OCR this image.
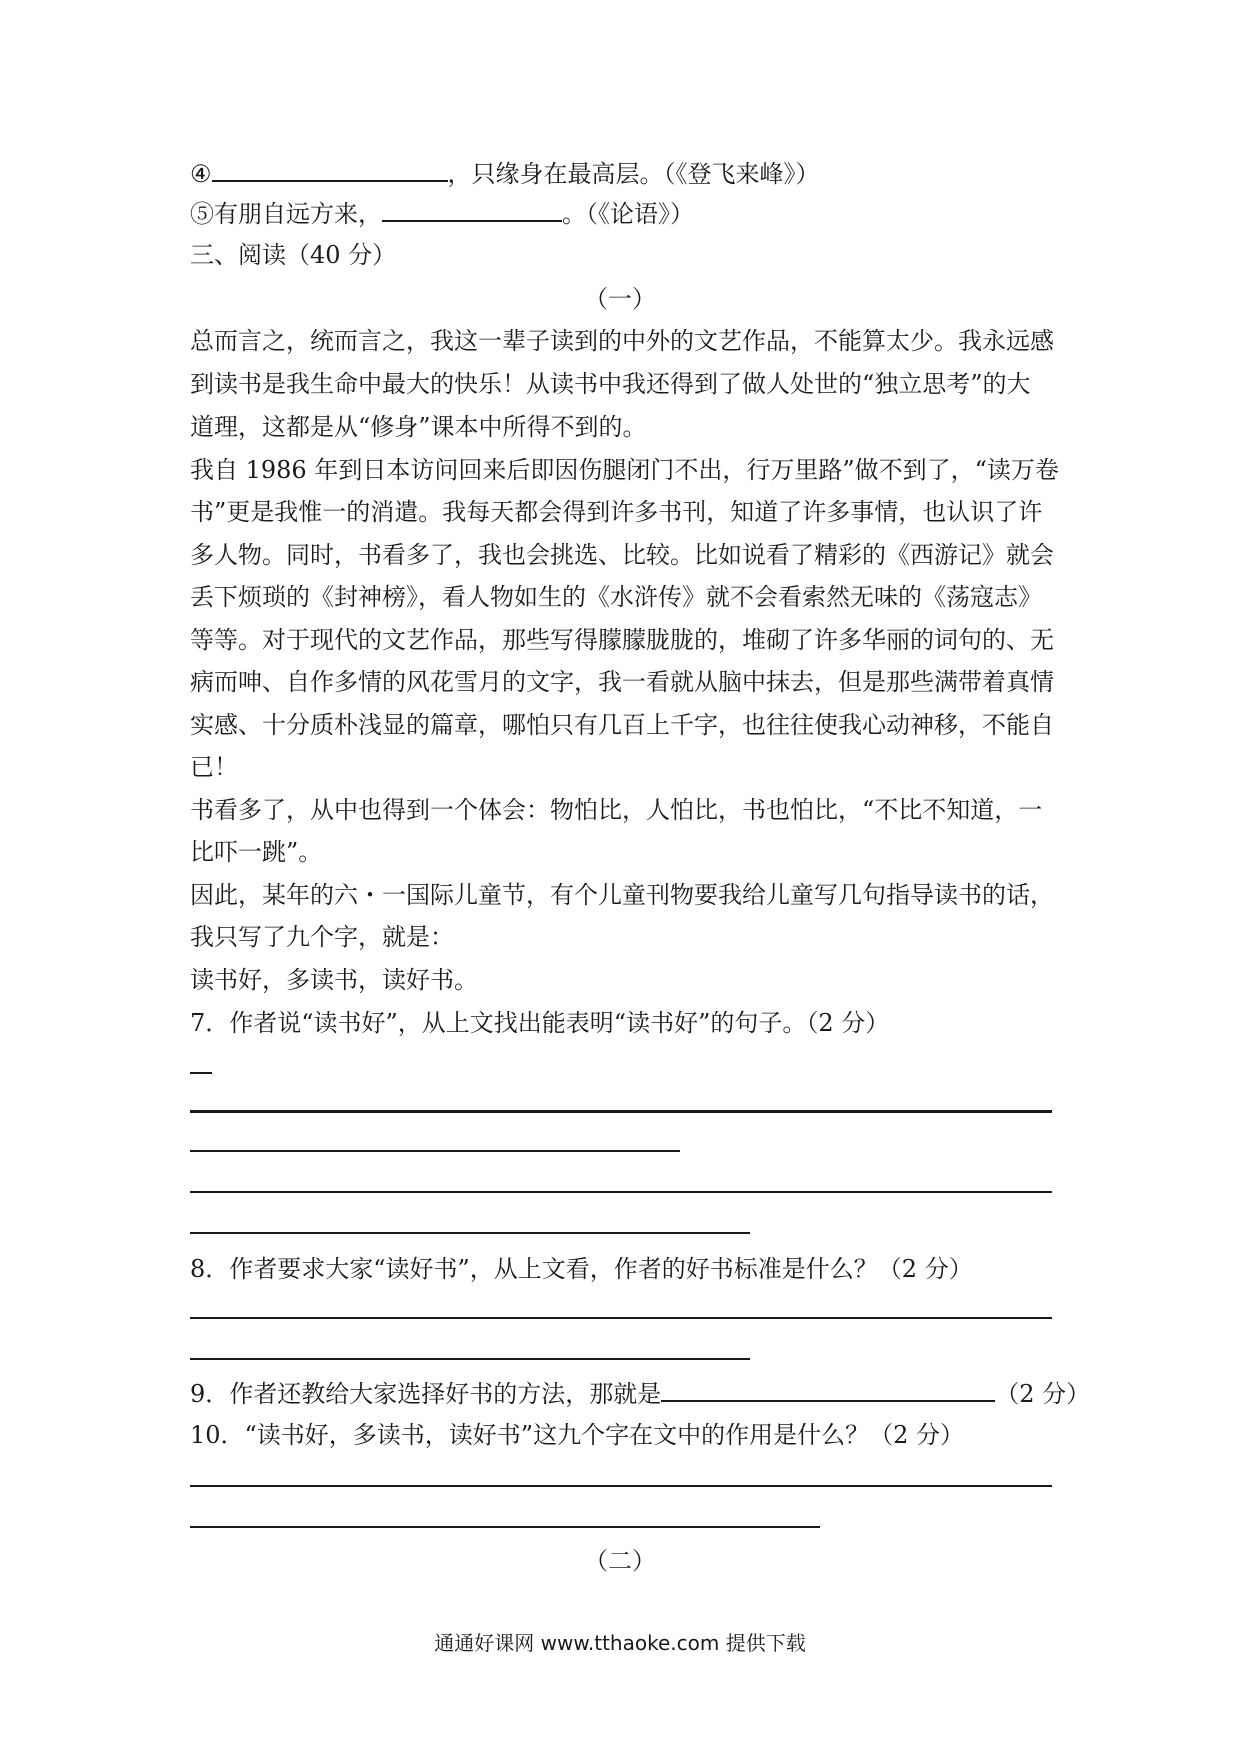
④	，只缘身在最高层。（《登飞来峰》）
⑤有朋自远方来，	。（《论语》）
三、阅读（40 分）
（一）
总而言之，统而言之，我这一辈子读到的中外的文艺作品，不能算太少。我永远感
到读书是我生命中最大的快乐！从读书中我还得到了做人处世的“独立思考”的大
道理，这都是从“修身”课本中所得不到的。
我自 1986 年到日本访问回来后即因伤腿闭门不出，行万里路”做不到了，“读万卷
书”更是我惟一的消遣。我每天都会得到许多书刊，知道了许多事情，也认识了许
多人物。同时，书看多了，我也会挑选、比较。比如说看了精彩的《西游记》就会
丢下烦琐的《封神榜》，看人物如生的《水浒传》就不会看索然无味的《荡寇志》
等等。对于现代的文艺作品，那些写得朦朦胧胧的，堆砌了许多华丽的词句的、无
病而呻、自作多情的风花雪月的文字，我一看就从脑中抹去，但是那些满带着真情
实感、十分质朴浅显的篇章，哪怕只有几百上千字，也往往使我心动神移，不能自
已！
书看多了，从中也得到一个体会：物怕比，人怕比，书也怕比，“不比不知道，一
比吓一跳”。
因此，某年的六・一国际儿童节，有个儿童刊物要我给儿童写几句指导读书的话，
我只写了九个字，就是：
读书好，多读书，读好书。
7．作者说“读书好”，从上文找出能表明“读书好”的句子。（2 分）
8．作者要求大家“读好书”，从上文看，作者的好书标准是什么？（2 分）
9．作者还教给大家选择好书的方法，那就是	（2 分）
10．“读书好，多读书，读好书”这九个字在文中的作用是什么？（2 分）
（二）
通通好课网 www.tthaoke.com 提供下载
